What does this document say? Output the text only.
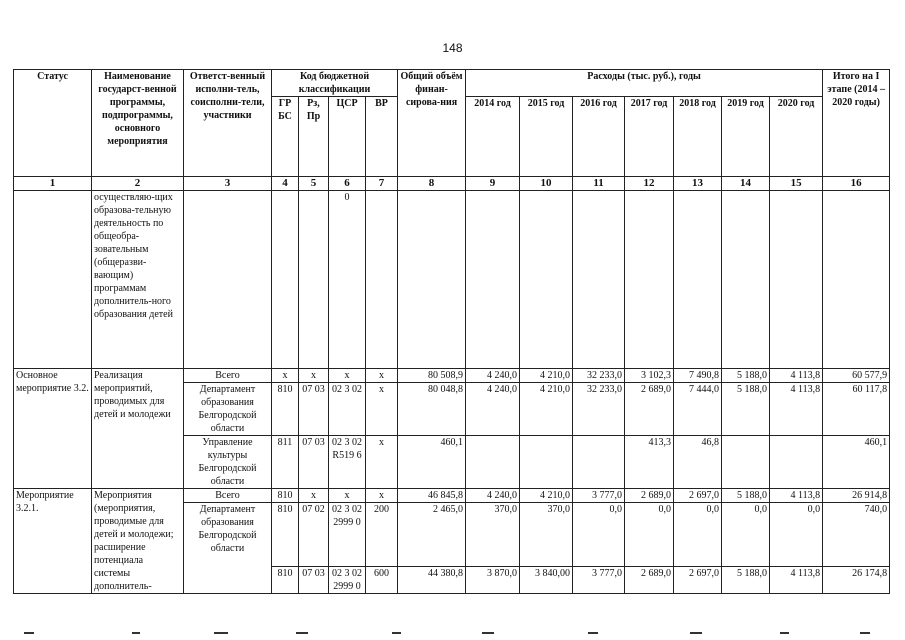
148
Статус	Наименование государст-венной программы, подпрограммы, основного мероприятия	Ответст-венный исполни-тель, соисполни-тели, участники	Код бюджетной классификации				Общий объём финан-сирова-ния	Расходы (тыс. руб.), годы							Итого на I этапе (2014 – 2020 годы)
			ГР БС	Рз, Пр	ЦСР	ВР		2014 год	2015 год	2016 год	2017 год	2018 год	2019 год	2020 год	
1	2	3	4	5	6	7	8	9	10	11	12	13	14	15	16
	осуществляю-щих образова-тельную деятельность по общеобра-зовательным (общеразви-вающим) программам дополнитель-ного образования детей				0										
Основное мероприятие 3.2.	Реализация мероприятий, проводимых для детей и молодежи	Всего	х	х	х	х	80 508,9	4 240,0	4 210,0	32 233,0	3 102,3	7 490,8	5 188,0	4 113,8	60 577,9
		Департамент образования Белгородской области	810	07 03	02 3 02	х	80 048,8	4 240,0	4 210,0	32 233,0	2 689,0	7 444,0	5 188,0	4 113,8	60 117,8
		Управление культуры Белгородской области	811	07 03	02 3 02 R519 6	х	460,1				413,3	46,8			460,1
Мероприятие 3.2.1.	Мероприятия (мероприятия, проводимые для детей и молодежи; расширение потенциала системы дополнитель-	Всего	810	х	х	х	46 845,8	4 240,0	4 210,0	3 777,0	2 689,0	2 697,0	5 188,0	4 113,8	26 914,8
		Департамент образования Белгородской области	810	07 02	02 3 02 2999 0	200	2 465,0	370,0	370,0	0,0	0,0	0,0	0,0	0,0	740,0
			810	07 03	02 3 02 2999 0	600	44 380,8	3 870,0	3 840,00	3 777,0	2 689,0	2 697,0	5 188,0	4 113,8	26 174,8
